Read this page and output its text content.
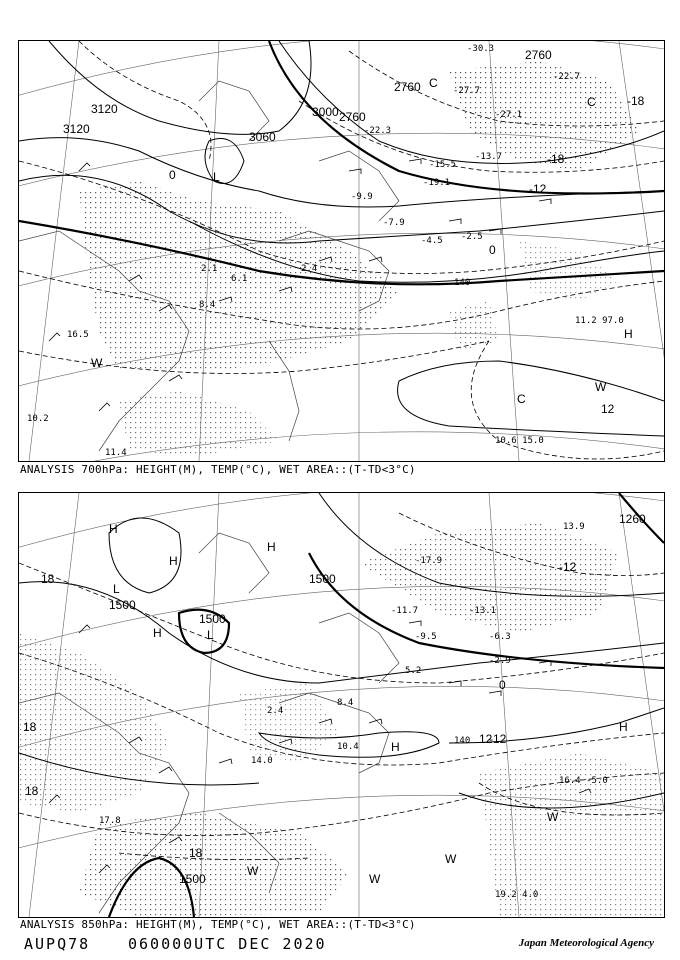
3120
3120
3060
3000
2760
2760
2760
0
-12
-18
-18
0
12
L
H
C
C
W
W
C
-30.3
-27.7
-22.7
-27.1
-22.3
-19.1
-15.5
-13.7
-9.9
-7.9
-4.5 -2.5
2.1	2.4
6.1
8.4
10.2
11.4
16.5
11.2 97.0
10.6 15.0
140
ANALYSIS 700hPa: HEIGHT(M), TEMP(°C), WET AREA::(T-TD<3°C)
1500
1500
1500
1500
1260
18
18
18
-12
-12
0
12
18
H
H
H
L
L
H
H
W
W
W
H
W
-17.9
-13.1
-11.7
-9.5	-6.3
-2.9
2.4
5.2
8.4
10.4
13.9
14.0
16.4 -5.0
17.8
19.2 4.0
140
ANALYSIS 850hPa: HEIGHT(M), TEMP(°C), WET AREA::(T-TD<3°C)
AUPQ78	060000UTC DEC 2020	Japan Meteorological Agency
